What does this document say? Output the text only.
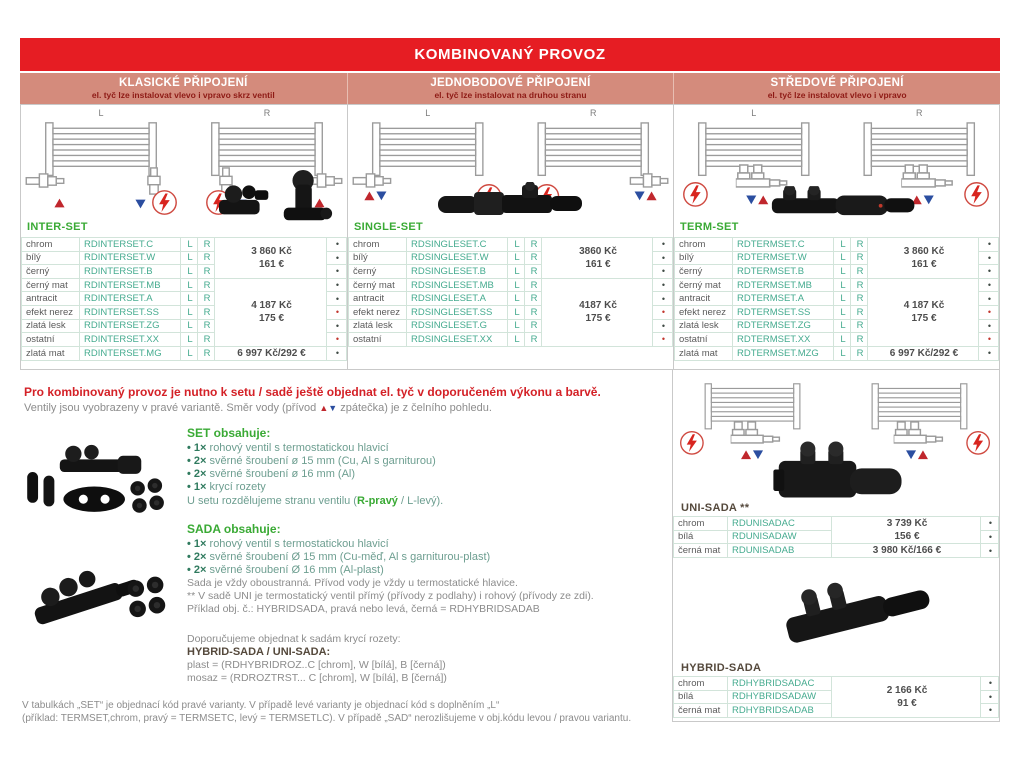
KOMBINOVANÝ PROVOZ
KLASICKÉ PŘIPOJENÍ
el. tyč lze instalovat vlevo i vpravo skrz ventil
JEDNOBODOVÉ PŘIPOJENÍ
el. tyč lze instalovat na druhou stranu
STŘEDOVÉ PŘIPOJENÍ
el. tyč lze instalovat vlevo i vpravo
L	R
INTER-SET
chrom	RDINTERSET.C	L	R	3 860 Kč
161 €	•
bílý	RDINTERSET.W	L	R		•
černý	RDINTERSET.B	L	R		•
černý mat	RDINTERSET.MB	L	R	4 187 Kč
175 €	•
antracit	RDINTERSET.A	L	R		•
efekt nerez	RDINTERSET.SS	L	R		•
zlatá lesk	RDINTERSET.ZG	L	R		•
ostatní	RDINTERSET.XX	L	R		•
zlatá mat	RDINTERSET.MG	L	R	6 997 Kč/292 €	•
L	R
SINGLE-SET
chrom	RDSINGLESET.C	L	R	3860 Kč
161 €	•
bílý	RDSINGLESET.W	L	R		•
černý	RDSINGLESET.B	L	R		•
černý mat	RDSINGLESET.MB	L	R	4187 Kč
175 €	•
antracit	RDSINGLESET.A	L	R		•
efekt nerez	RDSINGLESET.SS	L	R		•
zlatá lesk	RDSINGLESET.G	L	R		•
ostatní	RDSINGLESET.XX	L	R		•
L	R
TERM-SET
chrom	RDTERMSET.C	L	R	3 860 Kč
161 €	•
bílý	RDTERMSET.W	L	R		•
černý	RDTERMSET.B	L	R		•
černý mat	RDTERMSET.MB	L	R	4 187 Kč
175 €	•
antracit	RDTERMSET.A	L	R		•
efekt nerez	RDTERMSET.SS	L	R		•
zlatá lesk	RDTERMSET.ZG	L	R		•
ostatní	RDTERMSET.XX	L	R		•
zlatá mat	RDTERMSET.MZG	L	R	6 997 Kč/292 €	•
Pro kombinovaný provoz je nutno k setu / sadě ještě objednat el. tyč v doporučeném výkonu a barvě.
Ventily jsou vyobrazeny v pravé variantě. Směr vody (přívod ▲▼ zpátečka) je z čelního pohledu.
SET obsahuje:
• 1× rohový ventil s termostatickou hlavicí
• 2× svěrné šroubení ø 15 mm (Cu, Al s garniturou)
• 2× svěrné šroubení ø 16 mm (Al)
• 1× krycí rozety
U setu rozdělujeme stranu ventilu (R-pravý / L-levý).
SADA obsahuje:
• 1× rohový ventil s termostatickou hlavicí
• 2× svěrné šroubení Ø 15 mm (Cu-měď, Al s garniturou-plast)
• 2× svěrné šroubení Ø 16 mm (Al-plast)
Sada je vždy oboustranná. Přívod vody je vždy u termostatické hlavice.
** V sadě UNI je termostatický ventil přímý (přívody z podlahy) i rohový (přívody ze zdi).
Příklad obj. č.: HYBRIDSADA, pravá nebo levá, černá = RDHYBRIDSADAB
Doporučujeme objednat k sadám krycí rozety:
HYBRID-SADA / UNI-SADA:
plast = (RDHYBRIDROZ..C [chrom], W [bílá], B [černá])
mosaz = (RDROZTRST... C [chrom], W [bílá], B [černá])
V tabulkách „SET“ je objednací kód pravé varianty. V případě levé varianty je objednací kód s doplněním „L“
(příklad: TERMSET,chrom, pravý = TERMSETC, levý = TERMSETLC). V případě „SAD“ nerozlišujeme v obj.kódu levou / pravou variantu.
UNI-SADA **
chrom	RDUNISADAC	3 739 Kč
156 €	•
bílá	RDUNISADAW		•
černá mat	RDUNISADAB	3 980 Kč/166 €	•
HYBRID-SADA
chrom	RDHYBRIDSADAC	2 166 Kč
91 €	•
bílá	RDHYBRIDSADAW		•
černá mat	RDHYBRIDSADAB		•
